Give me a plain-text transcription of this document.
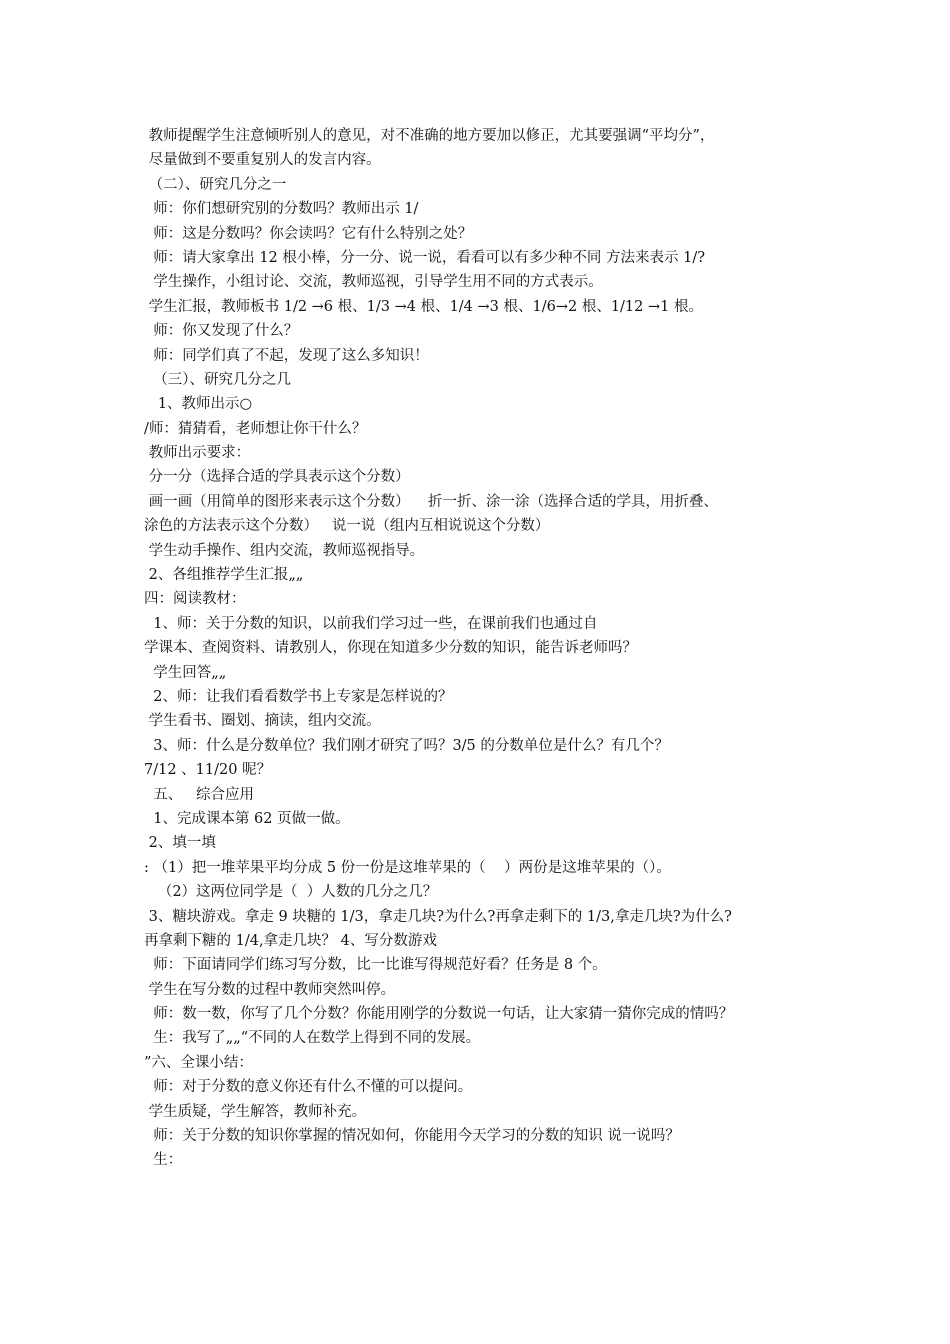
教师提醒学生注意倾听别人的意见，对不准确的地方要加以修正，尤其要强调“平均分”，
尽量做到不要重复别人的发言内容。
（二）、研究几分之一
师：你们想研究别的分数吗？教师出示 1/
师：这是分数吗？你会读吗？它有什么特别之处？
师：请大家拿出 12 根小棒，分一分、说一说，看看可以有多少种不同 方法来表示 1/?
学生操作，小组讨论、交流，教师巡视，引导学生用不同的方式表示。
学生汇报，教师板书 1/2 →6 根、1/3 →4 根、1/4 →3 根、1/6→2 根、1/12 →1 根。
师：你又发现了什么？
师：同学们真了不起，发现了这么多知识！
（三）、研究几分之几
1、教师出示○
/师：猜猜看，老师想让你干什么？
教师出示要求：
分一分（选择合适的学具表示这个分数）
画一画（用简单的图形来表示这个分数）    折一折、涂一涂（选择合适的学具，用折叠、
涂色的方法表示这个分数）   说一说（组内互相说说这个分数）
学生动手操作、组内交流，教师巡视指导。
2、各组推荐学生汇报„„
四：阅读教材：
1、师：关于分数的知识，以前我们学习过一些，在课前我们也通过自
学课本、查阅资料、请教别人，你现在知道多少分数的知识，能告诉老师吗？
学生回答„„
2、师：让我们看看数学书上专家是怎样说的？
学生看书、圈划、摘读，组内交流。
3、师：什么是分数单位？我们刚才研究了吗？3/5 的分数单位是什么？有几个？
7/12 、11/20 呢？
五、   综合应用
1、完成课本第 62 页做一做。
2、填一填
: （1）把一堆苹果平均分成 5 份一份是这堆苹果的（    ）两份是这堆苹果的（）。
（2）这两位同学是（  ）人数的几分之几？
3、糖块游戏。拿走 9 块糖的 1/3，拿走几块?为什么?再拿走剩下的 1/3,拿走几块?为什么?
再拿剩下糖的 1/4,拿走几块？ 4、写分数游戏
师：下面请同学们练习写分数，比一比谁写得规范好看？任务是 8 个。
学生在写分数的过程中教师突然叫停。
师：数一数，你写了几个分数？你能用刚学的分数说一句话，让大家猜一猜你完成的情吗？
生：我写了„„“不同的人在数学上得到不同的发展。
”六、全课小结：
师：对于分数的意义你还有什么不懂的可以提问。
学生质疑，学生解答，教师补充。
师：关于分数的知识你掌握的情况如何，你能用今天学习的分数的知识 说一说吗？
生：
